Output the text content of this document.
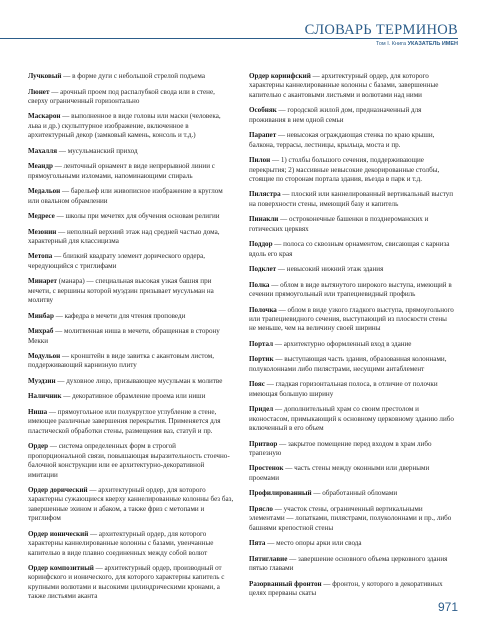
СЛОВАРЬ ТЕРМИНОВ
Том I. Книга УКАЗАТЕЛЬ ИМЕН

Лучковый — в форме дуги с небольшой стрелой подъема

Люнет — арочный проем под распалубкой свода или в стене, сверху ограниченный горизонтально

Маскарон — выполненное в виде головы или маски (человека, льва и др.) скульптурное изображение, включенное в архитектурный декор (замковый камень, консоль и т.д.)

Махалля — мусульманский приход

Меандр — ленточный орнамент в виде непрерывной линии с прямоугольными изломами, напоминающими спираль

Медальон — барельеф или живописное изображение в круглом или овальном обрамлении

Медресе — школы при мечетях для обучения основам религии

Мезонин — неполный верхний этаж над средней частью дома, характерный для классицизма

Метопа — близкий квадрату элемент дорического ордера, чередующийся с триглифами

Минарет (манара) — специальная высокая узкая башня при мечети, с вершины которой муэдзин призывает мусульман на молитву

Минбар — кафедра в мечети для чтения проповеди

Михраб — молитвенная ниша в мечети, обращенная в сторону Мекки

Модульон — кронштейн в виде завитка с акантовым листом, поддерживающий карнизную плиту

Муэдзин — духовное лицо, призывающее мусульман к молитве

Наличник — декоративное обрамление проема или ниши

Ниша — прямоугольное или полукруглое углубление в стене, имеющее различные завершения перекрытия. Применяется для пластической обработки стены, размещения ваз, статуй и пр.

Ордер — система определенных форм в строгой пропорциональной связи, повышающая выразительность стоечно-балочной конструкции или ее архитектурно-декоративной имитации

Ордер дорический — архитектурный ордер, для которого характерны сужающиеся кверху каннелированные колонны без баз, завершенные эхином и абаком, а также фриз с метопами и триглифом

Ордер ионический — архитектурный ордер, для которого характерны каннелированные колонны с базами, увенчанные капителью в виде плавно соединенных между собой волют

Ордер композитный — архитектурный ордер, производный от коринфского и ионического, для которого характерны капитель с крупными волютами и высокими цилиндрическими кронами, а также листьями аканта

Ордер коринфский — архитектурный ордер, для которого характерны каннелированные колонны с базами, завершенные капителью с акантовыми листьями и волютами над ними

Особняк — городской жилой дом, предназначенный для проживания в нем одной семьи

Парапет — невысокая ограждающая стенка по краю крыши, балкона, террасы, лестницы, крыльца, моста и пр.

Пилон — 1) столбы большого сечения, поддерживающие перекрытия; 2) массивные невысокие декорированные столбы, стоящие по сторонам портала здания, въезда в парк и т.д.

Пилястра — плоский или каннелированный вертикальный выступ на поверхности стены, имеющий базу и капитель

Пинакли — остроконечные башенки в позднероманских и готических церквях

Поддор — полоса со сквозным орнаментом, свисающая с карниза вдоль его края

Подклет — невысокий нижний этаж здания

Полка — облом в виде вытянутого широкого выступа, имеющий в сечении прямоугольный или трапециевидный профиль

Полочка — облом в виде узкого гладкого выступа, прямоугольного или трапециевидного сечения, выступающий из плоскости стены не меньше, чем на величину своей ширины

Портал — архитектурно оформленный вход в здание

Портик — выступающая часть здания, образованная колоннами, полуколоннами либо пилястрами, несущими антаблемент

Пояс — гладкая горизонтальная полоса, в отличие от полочки имеющая большую ширину

Придел — дополнительный храм со своим престолом и иконостасом, примыкающий к основному церковному зданию либо включенный в его объем

Притвор — закрытое помещение перед входом в храм либо трапезную

Простенок — часть стены между оконными или дверными проемами

Профилированный — обработанный обломами

Прясло — участок стены, ограниченный вертикальными элементами — лопатками, пилястрами, полуколоннами и пр., либо башнями крепостной стены

Пята — место опоры арки или свода

Пятиглавие — завершение основного объема церковного здания пятью главами

Разорванный фронтон — фронтон, у которого в декоративных целях прерваны скаты

971
